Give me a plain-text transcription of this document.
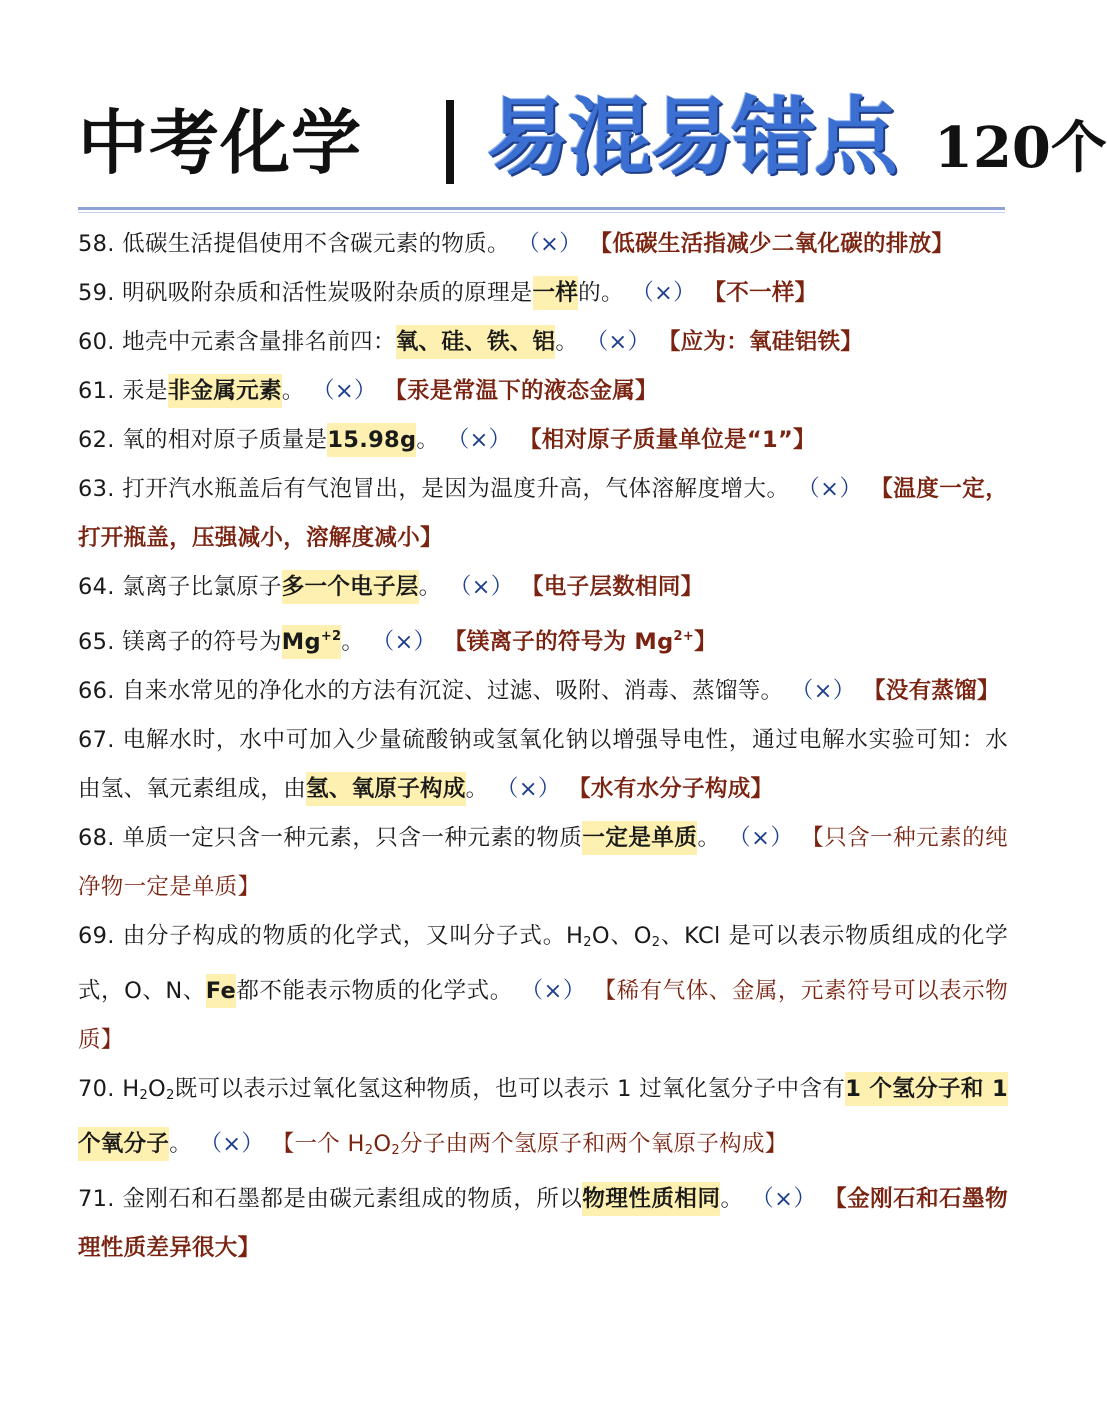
中考化学 易混易错点 120个
58. 低碳生活提倡使用不含碳元素的物质。 （×） 【低碳生活指减少二氧化碳的排放】
59. 明矾吸附杂质和活性炭吸附杂质的原理是一样的。 （×） 【不一样】
60. 地壳中元素含量排名前四：氧、硅、铁、铝。 （×） 【应为：氧硅铝铁】
61. 汞是非金属元素。 （×） 【汞是常温下的液态金属】
62. 氧的相对原子质量是15.98g。 （×） 【相对原子质量单位是“1”】
63. 打开汽水瓶盖后有气泡冒出，是因为温度升高，气体溶解度增大。 （×） 【温度一定，打开瓶盖，压强减小，溶解度减小】
64. 氯离子比氯原子多一个电子层。 （×） 【电子层数相同】
65. 镁离子的符号为$Mg^{+2}$。 （×） 【镁离子的符号为 $Mg^{2+}$】
66. 自来水常见的净化水的方法有沉淀、过滤、吸附、消毒、蒸馏等。 （×） 【没有蒸馏】
67. 电解水时，水中可加入少量硫酸钠或氢氧化钠以增强导电性，通过电解水实验可知：水由氢、氧元素组成，由氢、氧原子构成。 （×） 【水有水分子构成】
68. 单质一定只含一种元素，只含一种元素的物质一定是单质。 （×） 【只含一种元素的纯净物一定是单质】
69. 由分子构成的物质的化学式，又叫分子式。$H_2O$、$O_2$、KCl 是可以表示物质组成的化学式，O、N、Fe都不能表示物质的化学式。 （×） 【稀有气体、金属，元素符号可以表示物质】
70. $H_2O_2$既可以表示过氧化氢这种物质，也可以表示 1 过氧化氢分子中含有1 个氢分子和 1 个氧分子。 （×） 【一个 $H_2O_2$分子由两个氢原子和两个氧原子构成】
71. 金刚石和石墨都是由碳元素组成的物质，所以物理性质相同。 （×） 【金刚石和石墨物理性质差异很大】
